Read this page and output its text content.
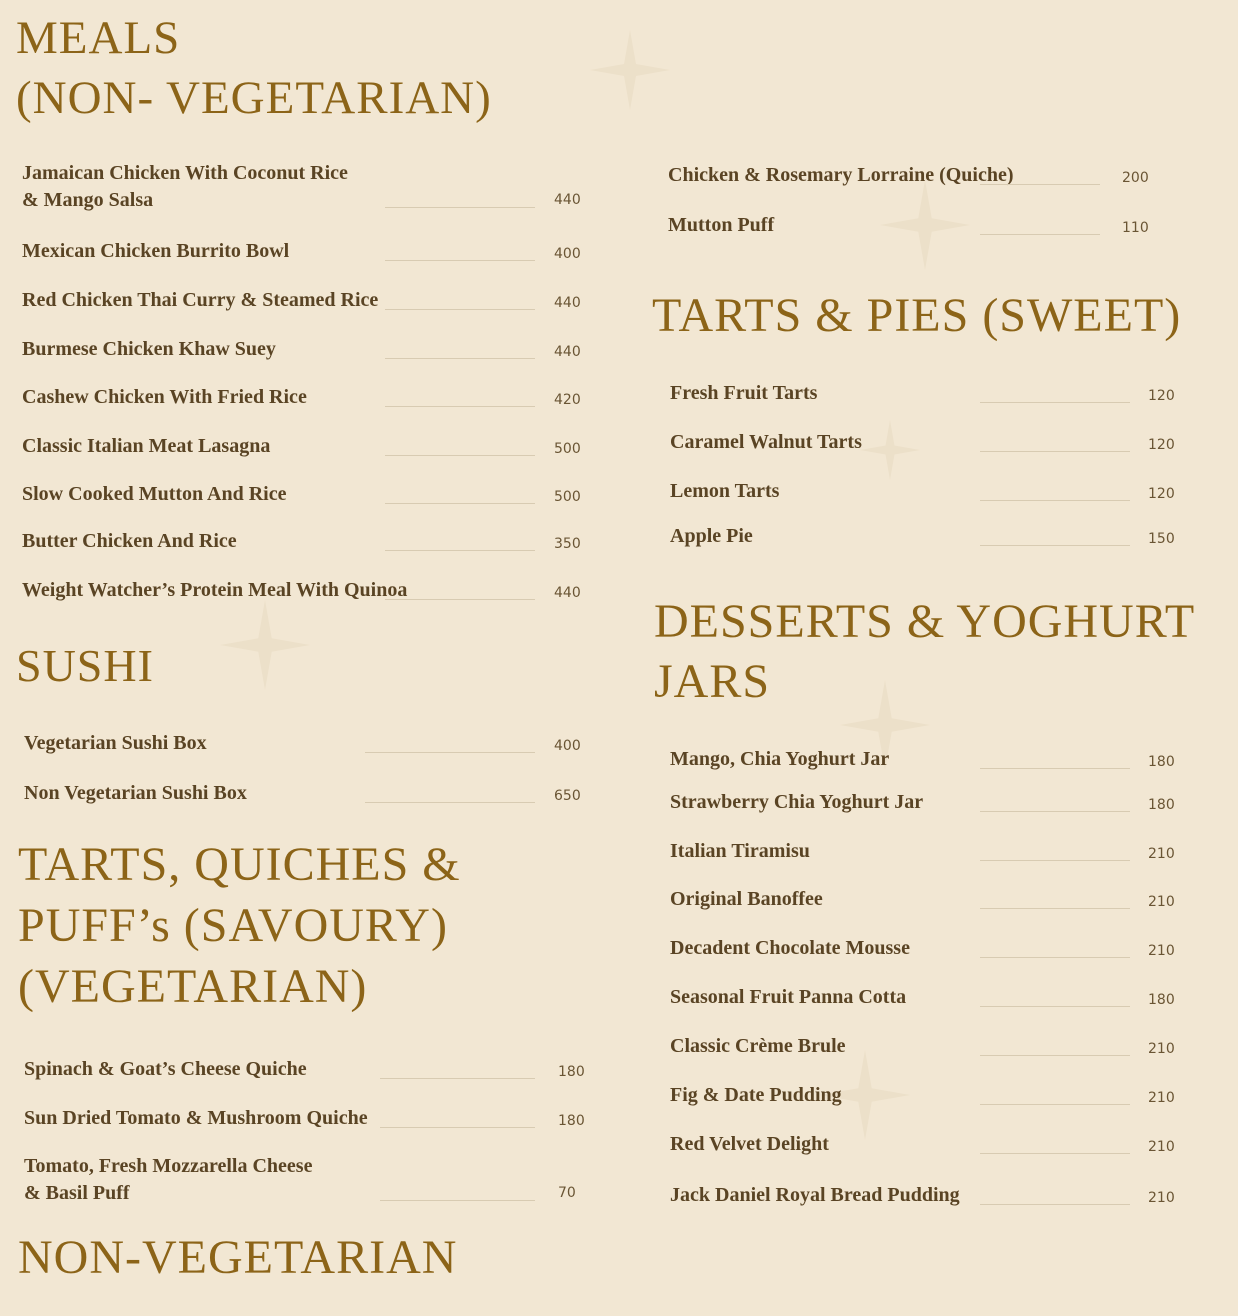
MEALS
(NON- VEGETARIAN)
Jamaican Chicken With Coconut Rice
& Mango Salsa	440
Mexican Chicken Burrito Bowl	400
Red Chicken Thai Curry & Steamed Rice	440
Burmese Chicken Khaw Suey	440
Cashew Chicken With Fried Rice	420
Classic Italian Meat Lasagna	500
Slow Cooked Mutton And Rice	500
Butter Chicken And Rice	350
Weight Watcher’s Protein Meal With Quinoa	440
SUSHI
Vegetarian Sushi Box	400
Non Vegetarian Sushi Box	650
TARTS, QUICHES &
PUFF’s (SAVOURY)
(VEGETARIAN)
Spinach & Goat’s Cheese Quiche	180
Sun Dried Tomato & Mushroom Quiche	180
Tomato, Fresh Mozzarella Cheese
& Basil Puff	70
NON-VEGETARIAN
Chicken & Rosemary Lorraine (Quiche)	200
Mutton Puff	110
TARTS & PIES (SWEET)
Fresh Fruit Tarts	120
Caramel Walnut Tarts	120
Lemon Tarts	120
Apple Pie	150
DESSERTS & YOGHURT
JARS
Mango, Chia Yoghurt Jar	180
Strawberry Chia Yoghurt Jar	180
Italian Tiramisu	210
Original Banoffee	210
Decadent Chocolate Mousse	210
Seasonal Fruit Panna Cotta	180
Classic Crème Brule	210
Fig & Date Pudding	210
Red Velvet Delight	210
Jack Daniel Royal Bread Pudding	210
